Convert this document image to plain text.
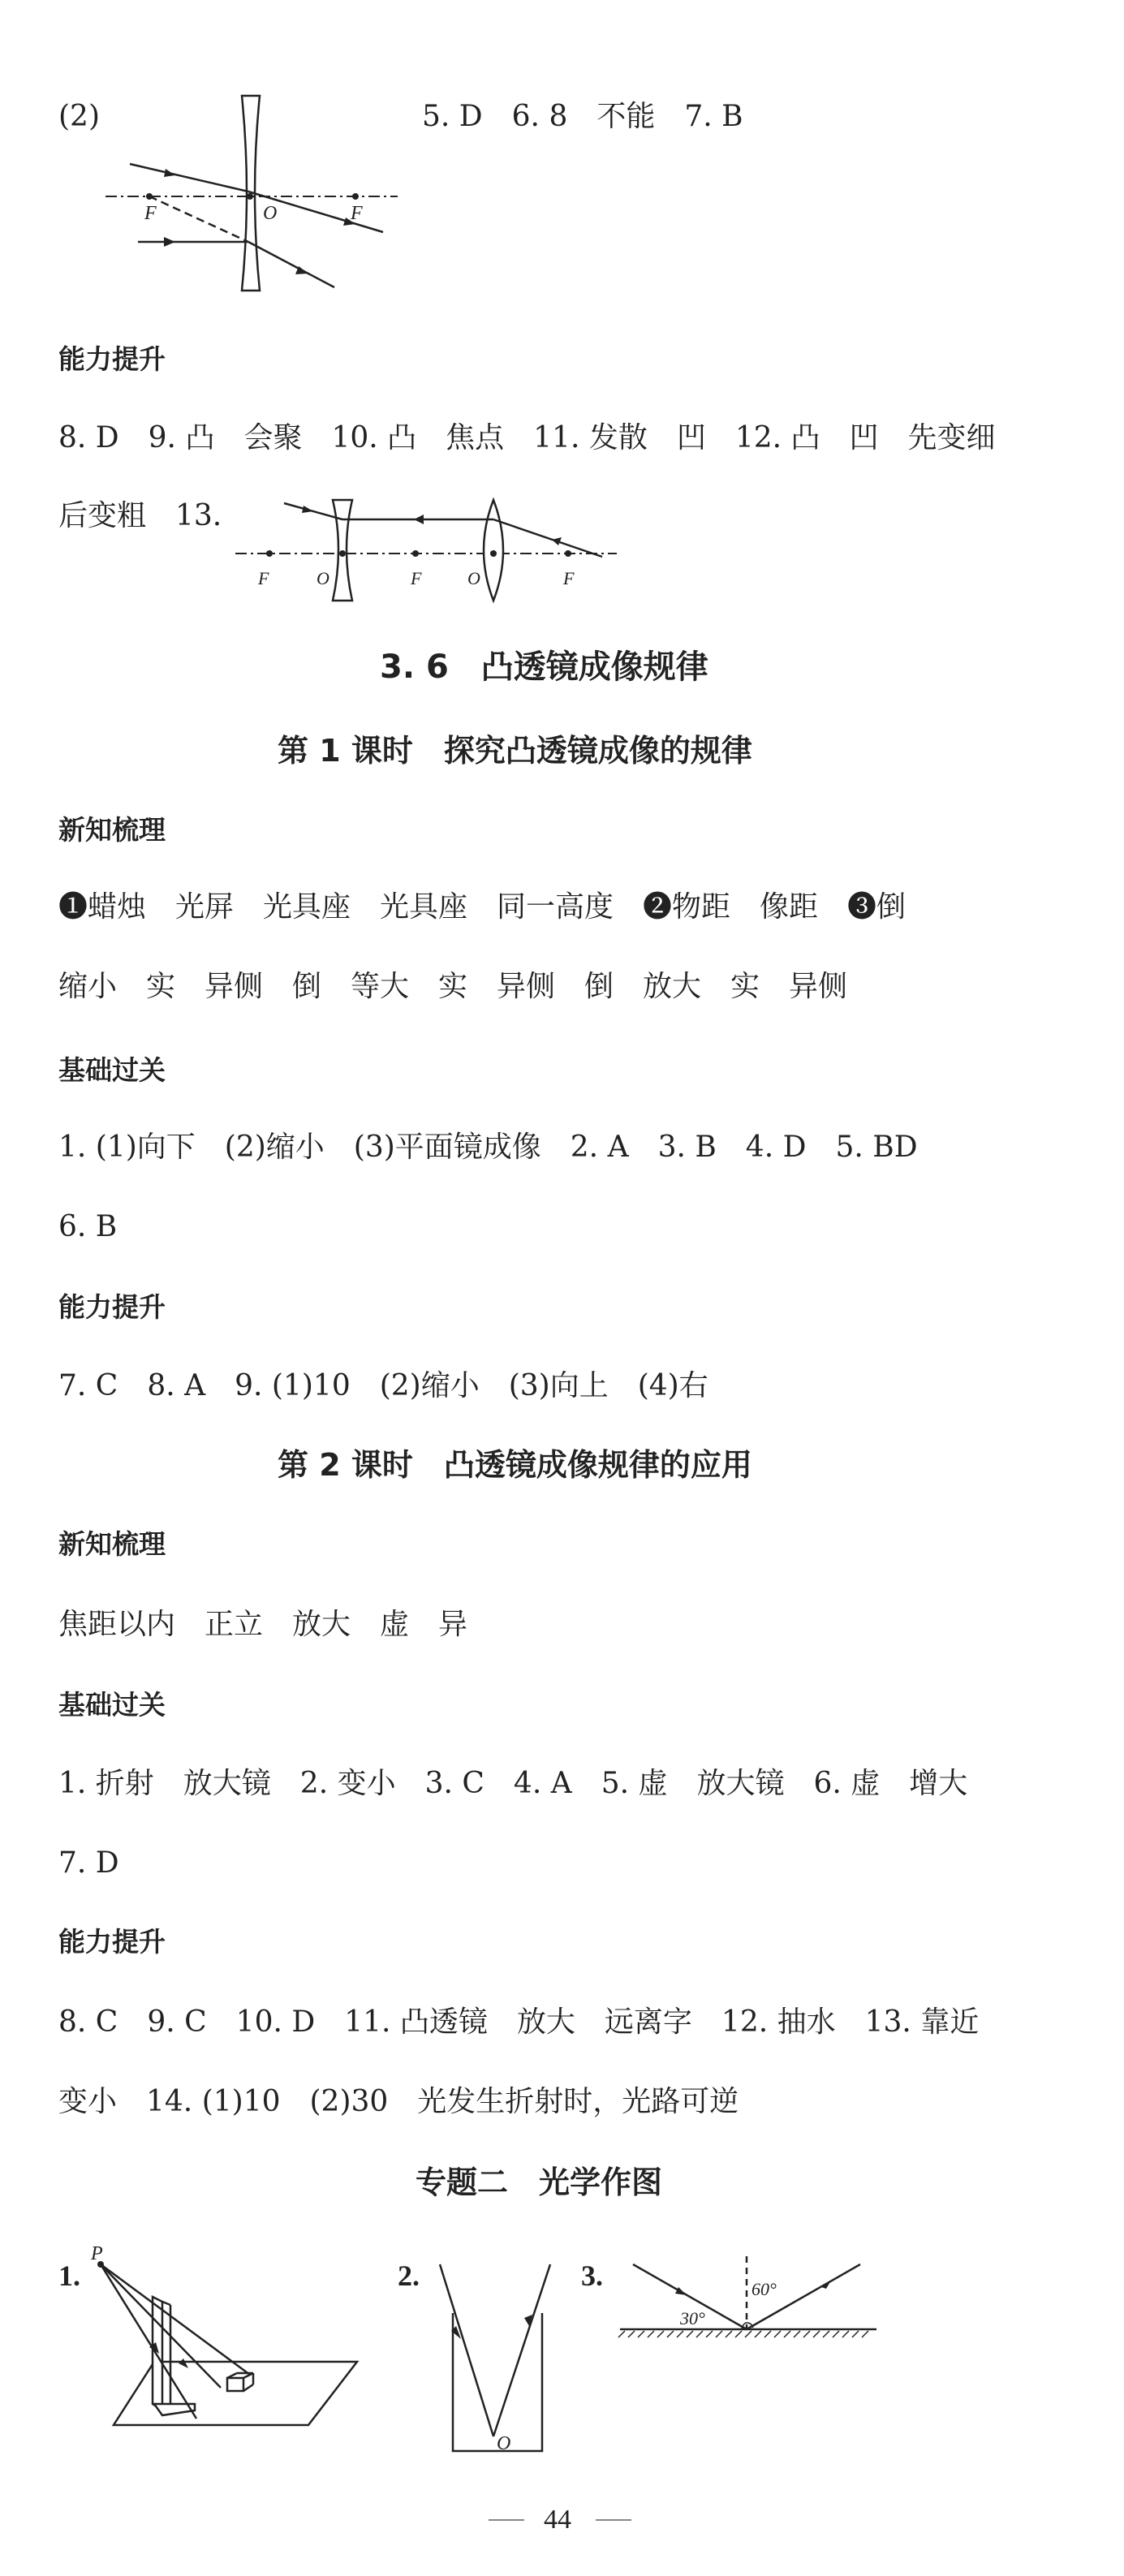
(2)
F	O	F
5. D　6. 8　不能　7. B
能力提升
8. D　9. 凸　会聚　10. 凸　焦点　11. 发散　凹　12. 凸　凹　先变细
后变粗　13.
F	O	F	O	F
3. 6　凸透镜成像规律
第 1 课时　探究凸透镜成像的规律
新知梳理
❶蜡烛　光屏　光具座　光具座　同一高度　❷物距　像距　❸倒
缩小　实　异侧　倒　等大　实　异侧　倒　放大　实　异侧
基础过关
1. (1)向下　(2)缩小　(3)平面镜成像　2. A　3. B　4. D　5. BD
6. B
能力提升
7. C　8. A　9. (1)10　(2)缩小　(3)向上　(4)右
第 2 课时　凸透镜成像规律的应用
新知梳理
焦距以内　正立　放大　虚　异
基础过关
1. 折射　放大镜　2. 变小　3. C　4. A　5. 虚　放大镜　6. 虚　增大
7. D
能力提升
8. C　9. C　10. D　11. 凸透镜　放大　远离字　12. 抽水　13. 靠近
变小　14. (1)10　(2)30　光发生折射时，光路可逆
专题二　光学作图
1.
P
2.
O
3.
30°
60°
44
